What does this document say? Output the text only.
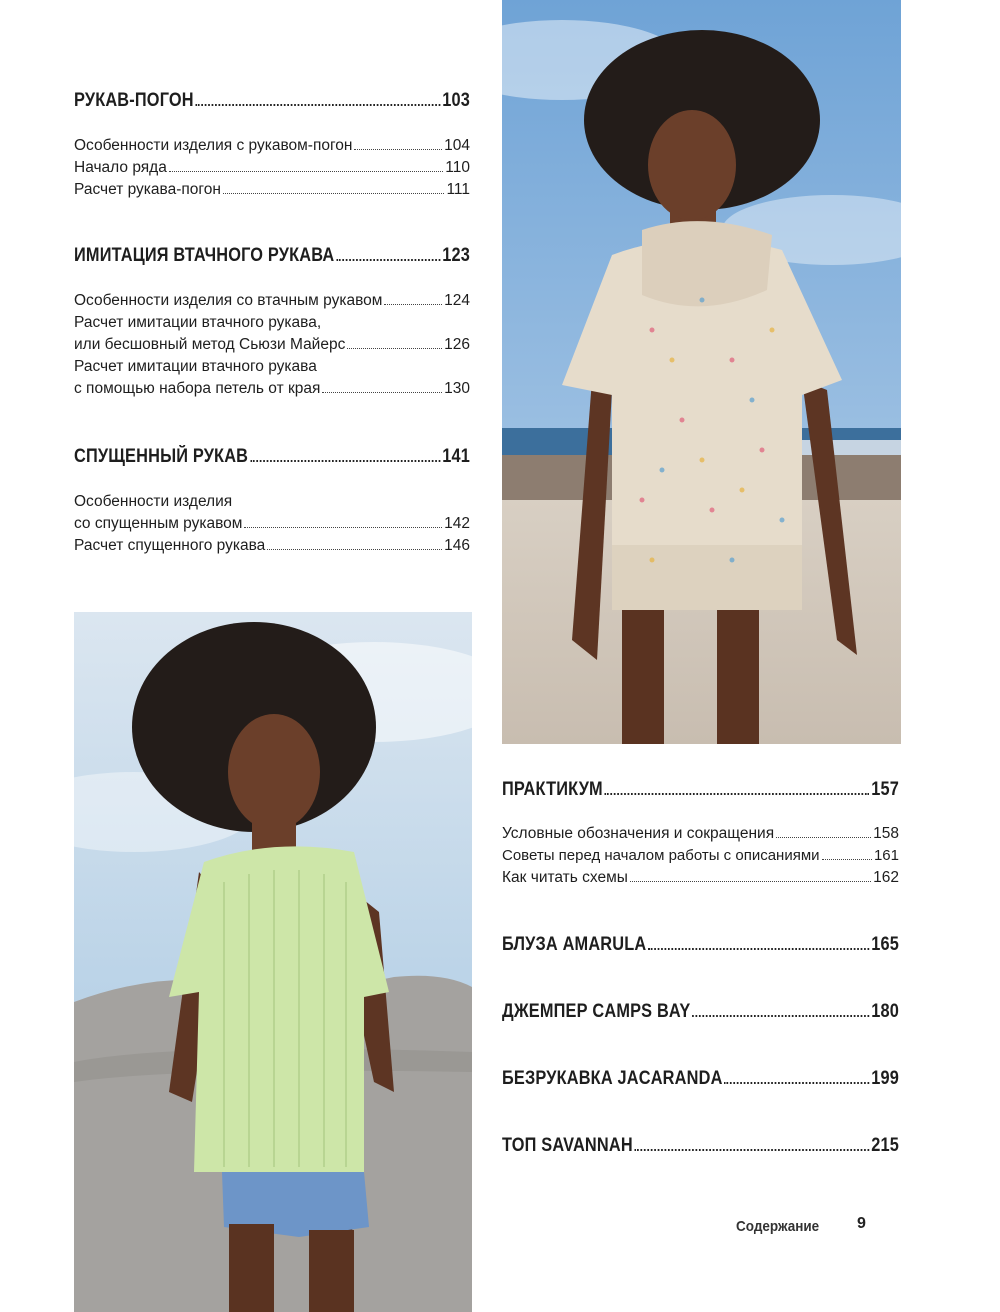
РУКАВ-ПОГОН	103
Особенности изделия с рукавом-погон	104
Начало ряда	110
Расчет рукава-погон	111
ИМИТАЦИЯ ВТАЧНОГО РУКАВА	123
Особенности изделия со втачным рукавом	124
Расчет имитации втачного рукава,
или бесшовный метод Сьюзи Майерс	126
Расчет имитации втачного рукава
с помощью набора петель от края	130
СПУЩЕННЫЙ РУКАВ	141
Особенности изделия
со спущенным рукавом	142
Расчет спущенного рукава	146
ПРАКТИКУМ	157
Условные обозначения и сокращения	158
Советы перед началом работы с описаниями	161
Как читать схемы	162
БЛУЗА AMARULA	165
ДЖЕМПЕР CAMPS BAY	180
БЕЗРУКАВКА JACARANDA	199
ТОП SAVANNAH	215
Содержание 9
